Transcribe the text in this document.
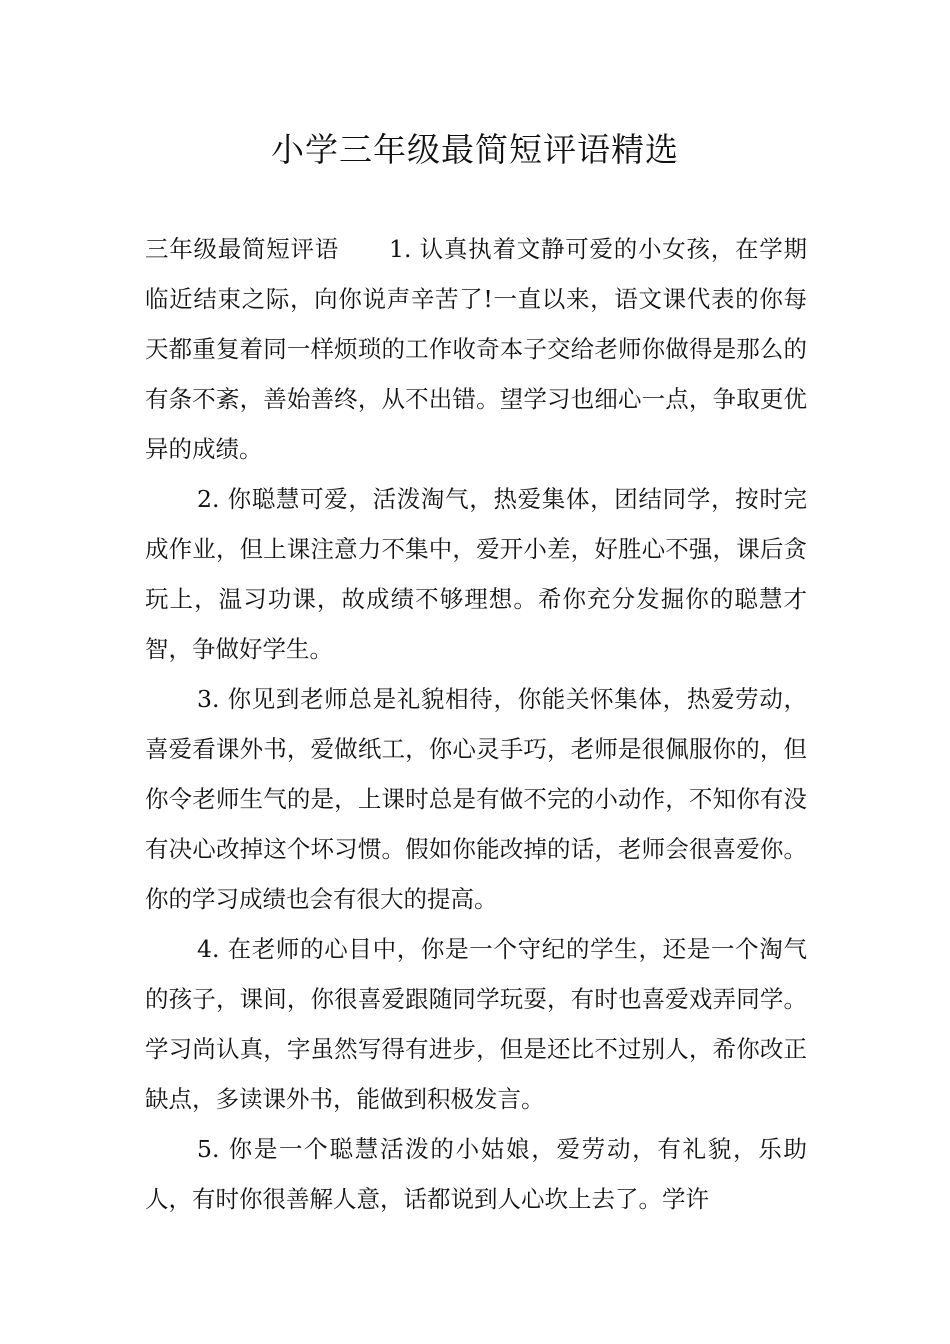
小学三年级最简短评语精选

三年级最简短评语 1. 认真执着文静可爱的小女孩，在学期临近结束之际，向你说声辛苦了!一直以来，语文课代表的你每天都重复着同一样烦琐的工作收奇本子交给老师你做得是那么的有条不紊，善始善终，从不出错。望学习也细心一点，争取更优异的成绩。

2. 你聪慧可爱，活泼淘气，热爱集体，团结同学，按时完成作业，但上课注意力不集中，爱开小差，好胜心不强，课后贪玩上，温习功课，故成绩不够理想。希你充分发掘你的聪慧才智，争做好学生。

3. 你见到老师总是礼貌相待，你能关怀集体，热爱劳动，喜爱看课外书，爱做纸工，你心灵手巧，老师是很佩服你的，但你令老师生气的是，上课时总是有做不完的小动作，不知你有没有决心改掉这个坏习惯。假如你能改掉的话，老师会很喜爱你。你的学习成绩也会有很大的提高。

4. 在老师的心目中，你是一个守纪的学生，还是一个淘气的孩子，课间，你很喜爱跟随同学玩耍，有时也喜爱戏弄同学。学习尚认真，字虽然写得有进步，但是还比不过别人，希你改正缺点，多读课外书，能做到积极发言。

5. 你是一个聪慧活泼的小姑娘，爱劳动，有礼貌，乐助人，有时你很善解人意，话都说到人心坎上去了。学许
